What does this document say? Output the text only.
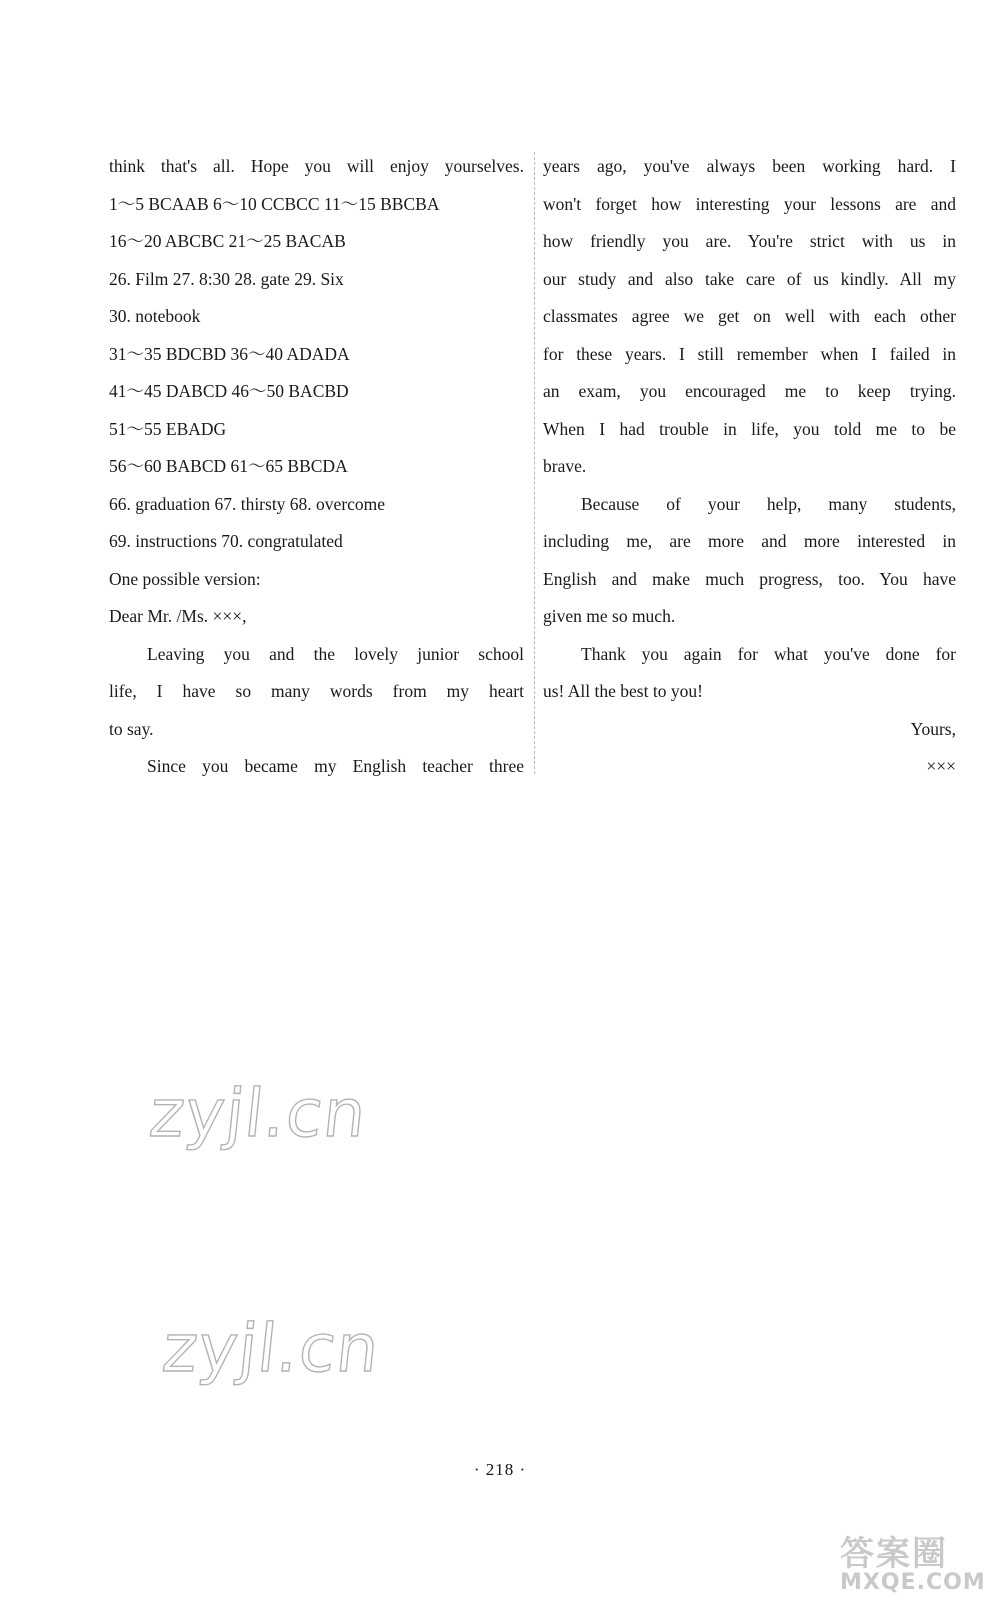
think that's all. Hope you will enjoy yourselves.
1～5 BCAAB 6～10 CCBCC 11～15 BBCBA
16～20 ABCBC 21～25 BACAB
26. Film 27. 8:30 28. gate 29. Six
30. notebook
31～35 BDCBD 36～40 ADADA
41～45 DABCD 46～50 BACBD
51～55 EBADG
56～60 BABCD 61～65 BBCDA
66. graduation 67. thirsty 68. overcome
69. instructions 70. congratulated
One possible version:
Dear Mr. /Ms. ×××,
Leaving you and the lovely junior school
life, I have so many words from my heart
to say.
Since you became my English teacher three
years ago, you've always been working hard. I
won't forget how interesting your lessons are and
how friendly you are. You're strict with us in
our study and also take care of us kindly. All my
classmates agree we get on well with each other
for these years. I still remember when I failed in
an exam, you encouraged me to keep trying.
When I had trouble in life, you told me to be
brave.
Because of your help, many students,
including me, are more and more interested in
English and make much progress, too. You have
given me so much.
Thank you again for what you've done for
us! All the best to you!
Yours,
×××
zyjl.cn
zyjl.cn
· 218 ·
答案圈
MXQE.COM
